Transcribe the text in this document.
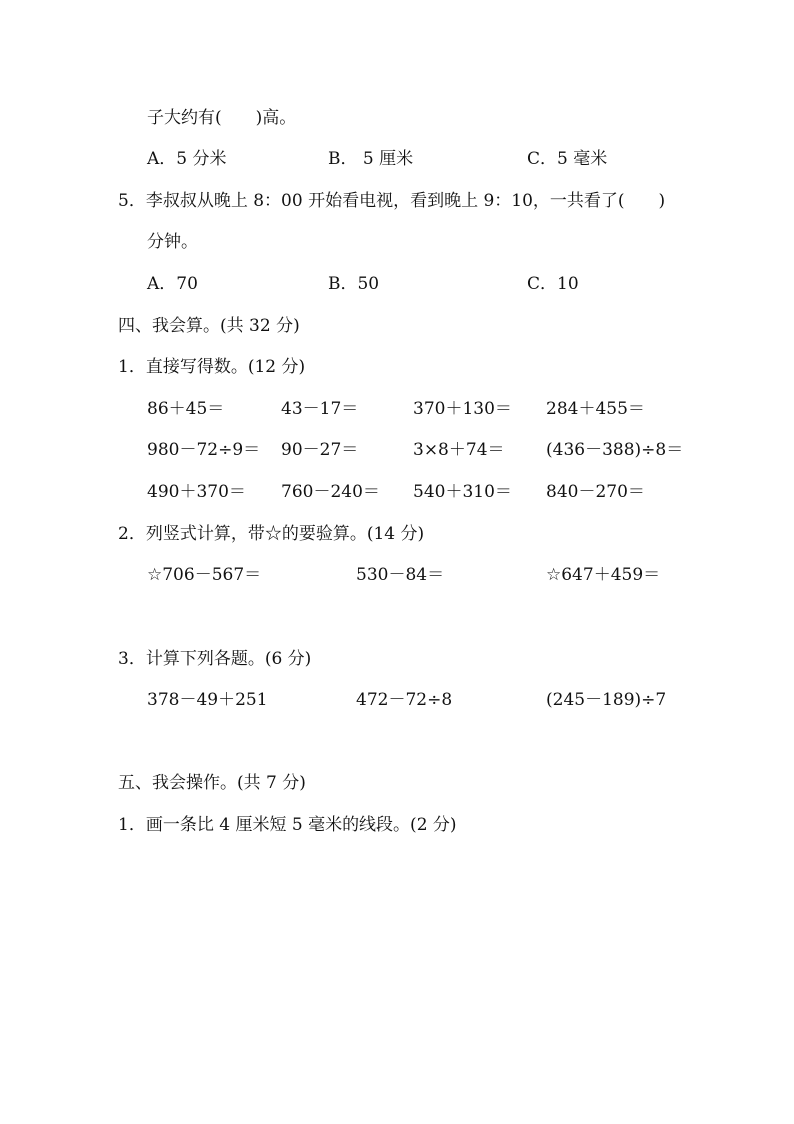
子大约有(　　)高。
A．5 分米	B． 5 厘米	C．5 毫米
5．李叔叔从晚上 8：00 开始看电视，看到晚上 9：10，一共看了(　　)
分钟。
A．70	B．50	C．10
四、我会算。(共 32 分)
1．直接写得数。(12 分)
86＋45＝	43－17＝	370＋130＝ 284＋455＝
980－72÷9＝ 90－27＝	3×8＋74＝ (436－388)÷8＝
490＋370＝ 760－240＝ 540＋310＝ 840－270＝
2．列竖式计算，带☆的要验算。(14 分)
☆706－567＝	530－84＝	☆647＋459＝
3．计算下列各题。(6 分)
378－49＋251	472－72÷8	(245－189)÷7
五、我会操作。(共 7 分)
1．画一条比 4 厘米短 5 毫米的线段。(2 分)
